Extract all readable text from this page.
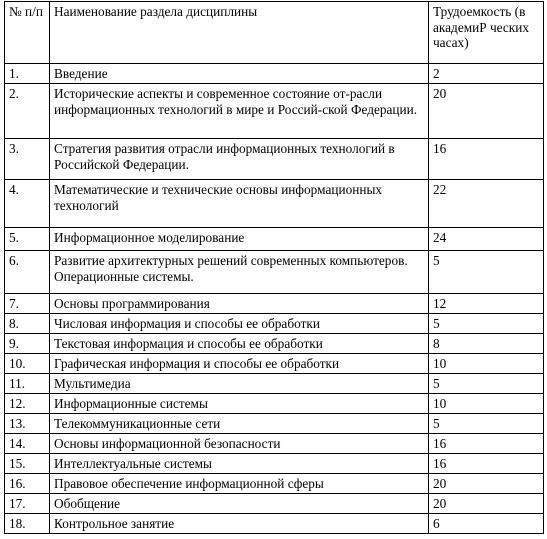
№ п/п	Наименование раздела дисциплины	Трудоемкость (в академиР ческих часах)
1.	Введение	2
2.	Исторические аспекты и современное состояние от-расли информационных технологий в мире и Россий-ской Федерации.	20
3.	Стратегия развития отрасли информационных технологий в Российской Федерации.	16
4.	Математические и технические основы информационных технологий	22
5.	Информационное моделирование	24
6.	Развитие архитектурных решений современных компьютеров. Операционные системы.	5
7.	Основы программирования	12
8.	Числовая информация и способы ее обработки	5
9.	Текстовая информация и способы ее обработки	8
10.	Графическая информация и способы ее обработки	10
11.	Мультимедиа	5
12.	Информационные системы	10
13.	Телекоммуникационные сети	5
14.	Основы информационной безопасности	16
15.	Интеллектуальные системы	16
16.	Правовое обеспечение информационной сферы	20
17.	Обобщение	20
18.	Контрольное занятие	6
